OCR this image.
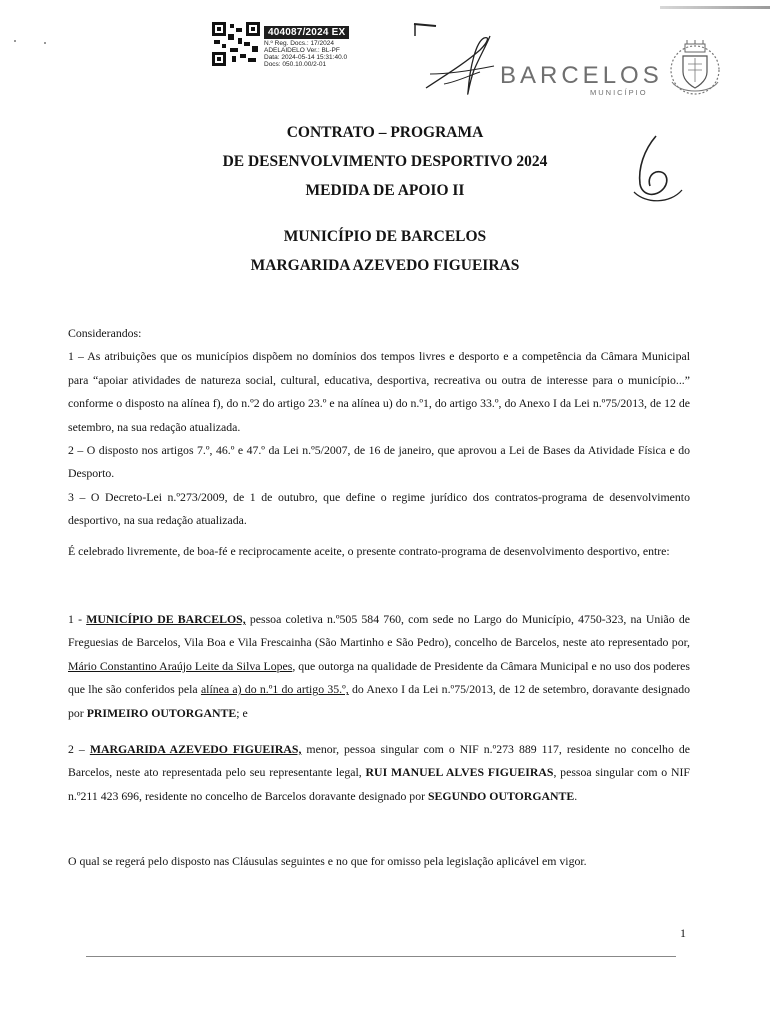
404087/2024 EX
N.º Reg. Docs.: 17/2024
ADELAIDELO Ver.: BL-PF
Data: 2024-05-14 15:31:40.0
Docs: 050.10.00/2-01	BARCELOS
MUNICÍPIO
CONTRATO – PROGRAMA
DE DESENVOLVIMENTO DESPORTIVO 2024
MEDIDA DE APOIO II
MUNICÍPIO DE BARCELOS
MARGARIDA AZEVEDO FIGUEIRAS

Considerandos:

1 – As atribuições que os municípios dispõem no domínios dos tempos livres e desporto e a competência da Câmara Municipal para “apoiar atividades de natureza social, cultural, educativa, desportiva, recreativa ou outra de interesse para o município...” conforme o disposto na alínea f), do n.º2 do artigo 23.º e na alínea u) do n.º1, do artigo 33.º, do Anexo I da Lei n.º75/2013, de 12 de setembro, na sua redação atualizada.

2 – O disposto nos artigos 7.º, 46.º e 47.º da Lei n.º5/2007, de 16 de janeiro, que aprovou a Lei de Bases da Atividade Física e do Desporto.

3 – O Decreto-Lei n.º273/2009, de 1 de outubro, que define o regime jurídico dos contratos-programa de desenvolvimento desportivo, na sua redação atualizada.

É celebrado livremente, de boa-fé e reciprocamente aceite, o presente contrato-programa de desenvolvimento desportivo, entre:

1 - MUNICÍPIO DE BARCELOS, pessoa coletiva n.º505 584 760, com sede no Largo do Município, 4750-323, na União de Freguesias de Barcelos, Vila Boa e Vila Frescainha (São Martinho e São Pedro), concelho de Barcelos, neste ato representado por, Mário Constantino Araújo Leite da Silva Lopes, que outorga na qualidade de Presidente da Câmara Municipal e no uso dos poderes que lhe são conferidos pela alínea a) do n.º1 do artigo 35.º, do Anexo I da Lei n.º75/2013, de 12 de setembro, doravante designado por PRIMEIRO OUTORGANTE; e

2 – MARGARIDA AZEVEDO FIGUEIRAS, menor, pessoa singular com o NIF n.º273 889 117, residente no concelho de Barcelos, neste ato representada pelo seu representante legal, RUI MANUEL ALVES FIGUEIRAS, pessoa singular com o NIF n.º211 423 696, residente no concelho de Barcelos doravante designado por SEGUNDO OUTORGANTE.

O qual se regerá pelo disposto nas Cláusulas seguintes e no que for omisso pela legislação aplicável em vigor.

1
